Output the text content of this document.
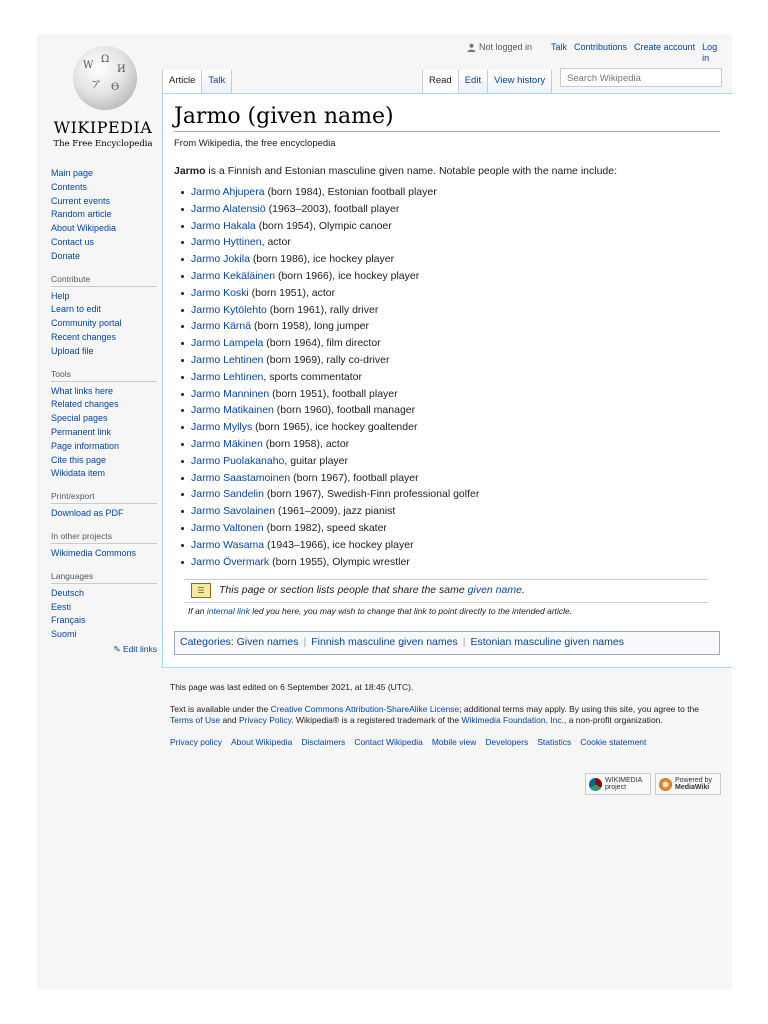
W
Ω
И
ア Ѳ
WIKIPEDIA
The Free Encyclopedia
Not logged in	Talk Contributions Create account Log in
Article	Talk	Read	Edit	View history	Search Wikipedia
Main page
Contents
Current events
Random article
About Wikipedia
Contact us
Donate
Contribute
Help
Learn to edit
Community portal
Recent changes
Upload file
Tools
What links here
Related changes
Special pages
Permanent link
Page information
Cite this page
Wikidata item
Print/export
Download as PDF
In other projects
Wikimedia Commons
Languages
Deutsch
Eesti
Français
Suomi
✎ Edit links
Jarmo (given name)
From Wikipedia, the free encyclopedia
Jarmo is a Finnish and Estonian masculine given name. Notable people with the name include:
Jarmo Ahjupera (born 1984), Estonian football player
Jarmo Alatensiö (1963–2003), football player
Jarmo Hakala (born 1954), Olympic canoer
Jarmo Hyttinen, actor
Jarmo Jokila (born 1986), ice hockey player
Jarmo Kekäläinen (born 1966), ice hockey player
Jarmo Koski (born 1951), actor
Jarmo Kytölehto (born 1961), rally driver
Jarmo Kärnä (born 1958), long jumper
Jarmo Lampela (born 1964), film director
Jarmo Lehtinen (born 1969), rally co-driver
Jarmo Lehtinen, sports commentator
Jarmo Manninen (born 1951), football player
Jarmo Matikainen (born 1960), football manager
Jarmo Myllys (born 1965), ice hockey goaltender
Jarmo Mäkinen (born 1958), actor
Jarmo Puolakanaho, guitar player
Jarmo Saastamoinen (born 1967), football player
Jarmo Sandelin (born 1967), Swedish-Finn professional golfer
Jarmo Savolainen (1961–2009), jazz pianist
Jarmo Valtonen (born 1982), speed skater
Jarmo Wasama (1943–1966), ice hockey player
Jarmo Övermark (born 1955), Olympic wrestler
☰	This page or section lists people that share the same given name.
If an internal link led you here, you may wish to change that link to point directly to the intended article.
Categories: Given names | Finnish masculine given names | Estonian masculine given names

This page was last edited on 6 September 2021, at 18:45 (UTC).

Text is available under the Creative Commons Attribution-ShareAlike License; additional terms may apply. By using this site, you agree to the Terms of Use and Privacy Policy. Wikipedia® is a registered trademark of the Wikimedia Foundation, Inc., a non-profit organization.

Privacy policy About Wikipedia Disclaimers Contact Wikipedia Mobile view Developers Statistics Cookie statement
WIKIMEDIA
project
Powered by
MediaWiki
